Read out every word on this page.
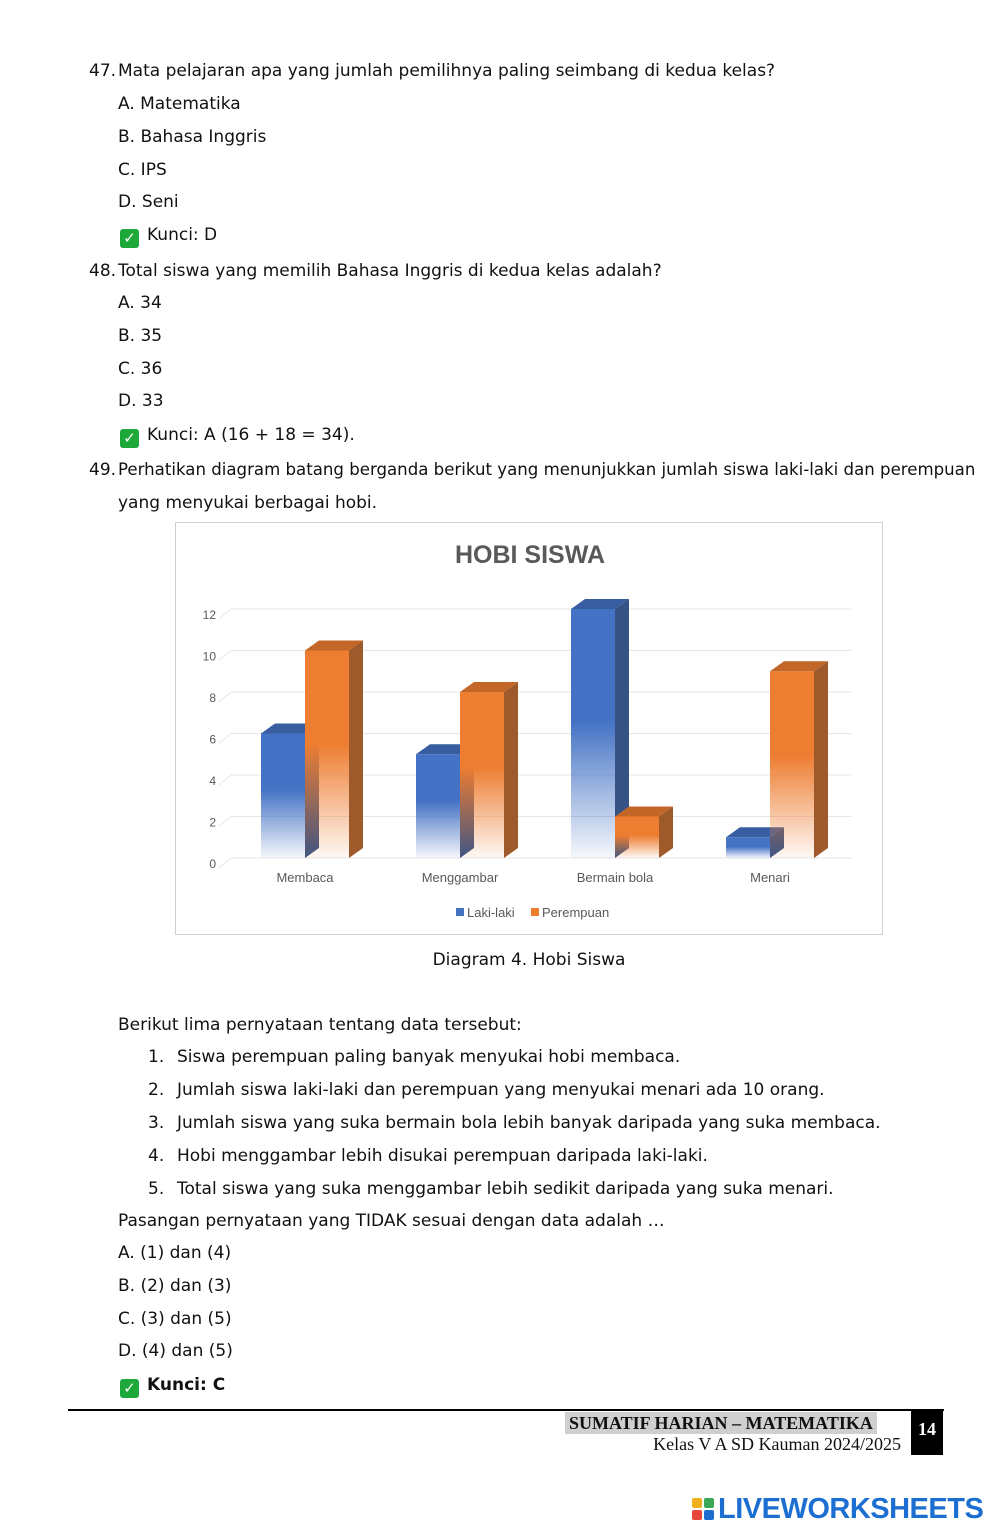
47. Mata pelajaran apa yang jumlah pemilihnya paling seimbang di kedua kelas?
A. Matematika
B. Bahasa Inggris
C. IPS
D. Seni
✓ Kunci: D
48. Total siswa yang memilih Bahasa Inggris di kedua kelas adalah?
A. 34
B. 35
C. 36
D. 33
✓ Kunci: A (16 + 18 = 34).
49. Perhatikan diagram batang berganda berikut yang menunjukkan jumlah siswa laki-laki dan perempuan
yang menyukai berbagai hobi.
HOBI SISWA
0
2
4
6
8
10
12
Membaca	Menggambar	Bermain bola	Menari
Laki-laki Perempuan
Diagram 4. Hobi Siswa
Berikut lima pernyataan tentang data tersebut:
1. Siswa perempuan paling banyak menyukai hobi membaca.
2. Jumlah siswa laki-laki dan perempuan yang menyukai menari ada 10 orang.
3. Jumlah siswa yang suka bermain bola lebih banyak daripada yang suka membaca.
4. Hobi menggambar lebih disukai perempuan daripada laki-laki.
5. Total siswa yang suka menggambar lebih sedikit daripada yang suka menari.
Pasangan pernyataan yang TIDAK sesuai dengan data adalah …
A. (1) dan (4)
B. (2) dan (3)
C. (3) dan (5)
D. (4) dan (5)
✓ Kunci: C
SUMATIF HARIAN – MATEMATIKA
Kelas V A SD Kauman 2024/2025
14
LIVEWORKSHEETS
